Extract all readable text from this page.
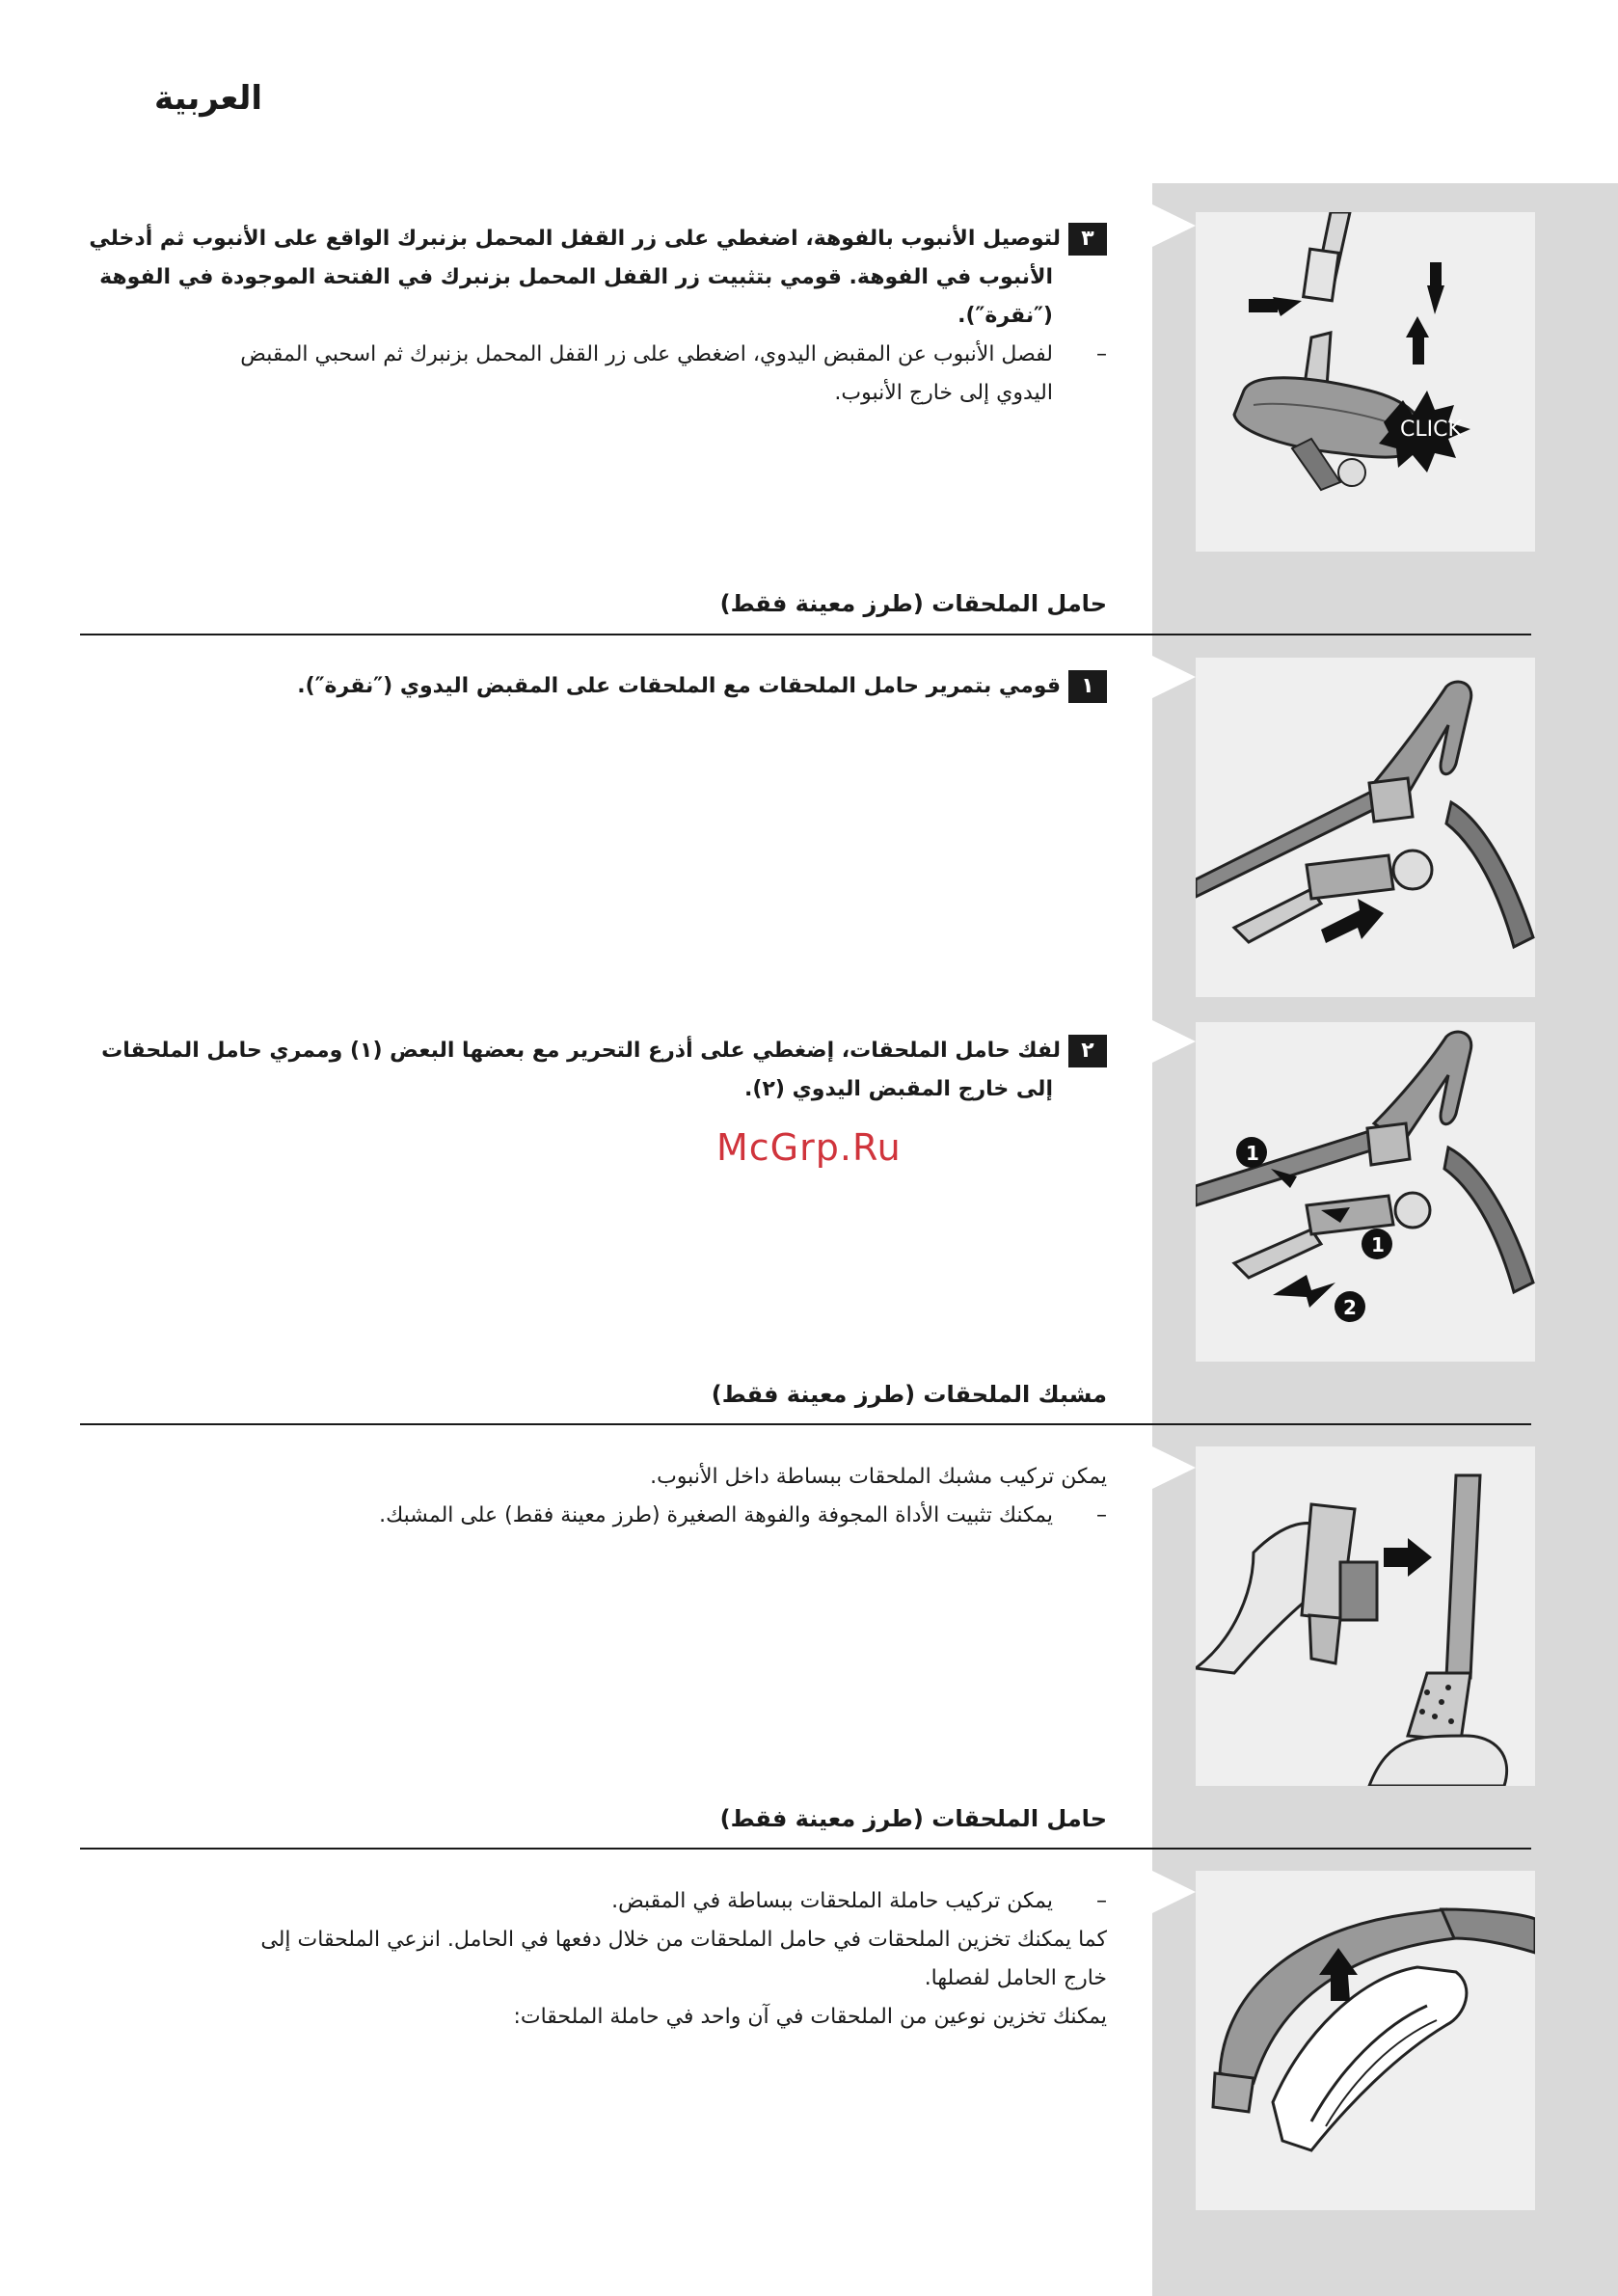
العربية
٣لتوصيل الأنبوب بالفوهة، اضغطي على زر القفل المحمل بزنبرك الواقع على الأنبوب ثم أدخلي
الأنبوب في الفوهة. قومي بتثبيت زر القفل المحمل بزنبرك في الفتحة الموجودة في الفوهة
(″نقرة″).
–
لفصل الأنبوب عن المقبض اليدوي، اضغطي على زر القفل المحمل بزنبرك ثم اسحبي المقبض
اليدوي إلى خارج الأنبوب.
CLICK
حامل الملحقات (طرز معينة فقط)
١قومي بتمرير حامل الملحقات مع الملحقات على المقبض اليدوي (″نقرة″).
٢لفك حامل الملحقات، إضغطي على أذرع التحرير مع بعضها البعض (١) وممري حامل الملحقات
إلى خارج المقبض اليدوي (٢).
McGrp.Ru	1
1
2
مشبك الملحقات (طرز معينة فقط)
يمكن تركيب مشبك الملحقات ببساطة داخل الأنبوب.
–
يمكنك تثبيت الأداة المجوفة والفوهة الصغيرة (طرز معينة فقط) على المشبك.
حامل الملحقات (طرز معينة فقط)
–
يمكن تركيب حاملة الملحقات ببساطة في المقبض.
كما يمكنك تخزين الملحقات في حامل الملحقات من خلال دفعها في الحامل. انزعي الملحقات إلى
خارج الحامل لفصلها.
يمكنك تخزين نوعين من الملحقات في آن واحد في حاملة الملحقات:
